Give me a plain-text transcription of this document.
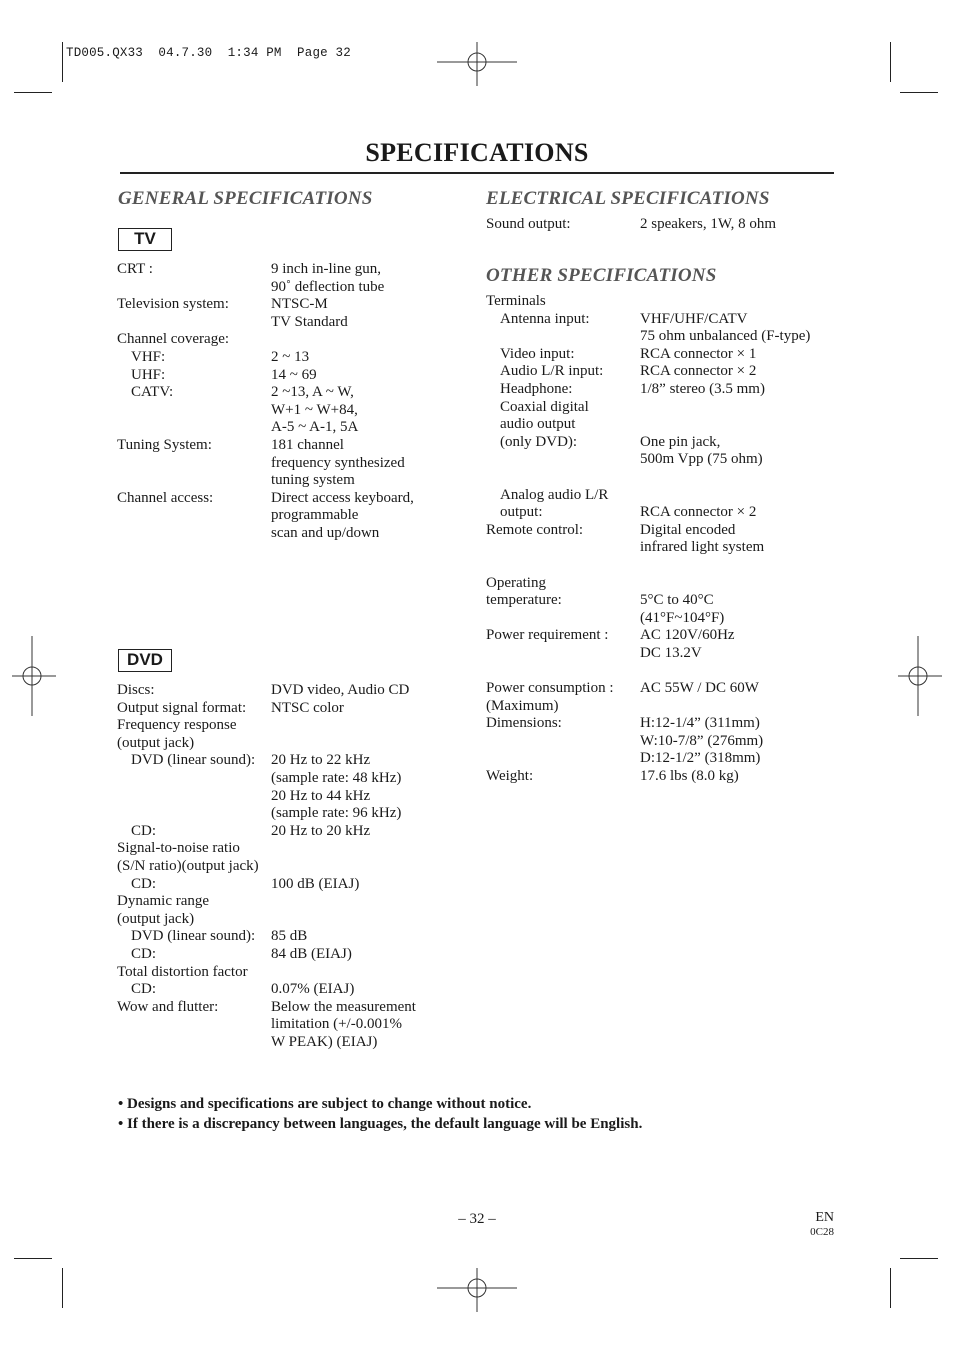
TD005.QX33  04.7.30  1:34 PM  Page 32
SPECIFICATIONS
GENERAL SPECIFICATIONS
TV
CRT :	9 inch in-line gun,
90˚ deflection tube
Television system:	NTSC-M
TV Standard
Channel coverage:
VHF:	2 ~ 13
UHF:	14 ~ 69
CATV:	2 ~13, A ~ W,
W+1 ~ W+84,
A-5 ~ A-1, 5A
Tuning System:	181 channel
frequency synthesized
tuning system
Channel access:	Direct access keyboard,
programmable
scan and up/down
DVD
Discs:	DVD video, Audio CD
Output signal format: NTSC color
Frequency response
(output jack)
DVD (linear sound): 20 Hz to 22 kHz
(sample rate: 48 kHz)
20 Hz to 44 kHz
(sample rate: 96 kHz)
CD:	20 Hz to 20 kHz
Signal-to-noise ratio
(S/N ratio)(output jack)
CD:	100 dB (EIAJ)
Dynamic range
(output jack)
DVD (linear sound): 85 dB
CD:	84 dB (EIAJ)
Total distortion factor
CD:	0.07% (EIAJ)
Wow and flutter:	Below the measurement
limitation (+/-0.001%
W PEAK) (EIAJ)
ELECTRICAL SPECIFICATIONS
Sound output:	2 speakers, 1W, 8 ohm
OTHER SPECIFICATIONS
Terminals
Antenna input:	VHF/UHF/CATV
75 ohm unbalanced (F-type)
Video input:	RCA connector × 1
Audio L/R input: RCA connector × 2
Headphone:	1/8” stereo (3.5 mm)
Coaxial digital
audio output
(only DVD):	One pin jack,
500m Vpp (75 ohm)
Analog audio L/R
output:	RCA connector × 2
Remote control:	Digital encoded
infrared light system
Operating
temperature:	5°C to 40°C
(41°F~104°F)
Power requirement : AC 120V/60Hz
DC 13.2V
Power consumption : AC 55W / DC 60W
(Maximum)
Dimensions:	H:12-1/4” (311mm)
W:10-7/8” (276mm)
D:12-1/2” (318mm)
Weight:	17.6 lbs (8.0 kg)
• Designs and specifications are subject to change without notice.
• If there is a discrepancy between languages, the default language will be English.
– 32 –	EN
0C28
